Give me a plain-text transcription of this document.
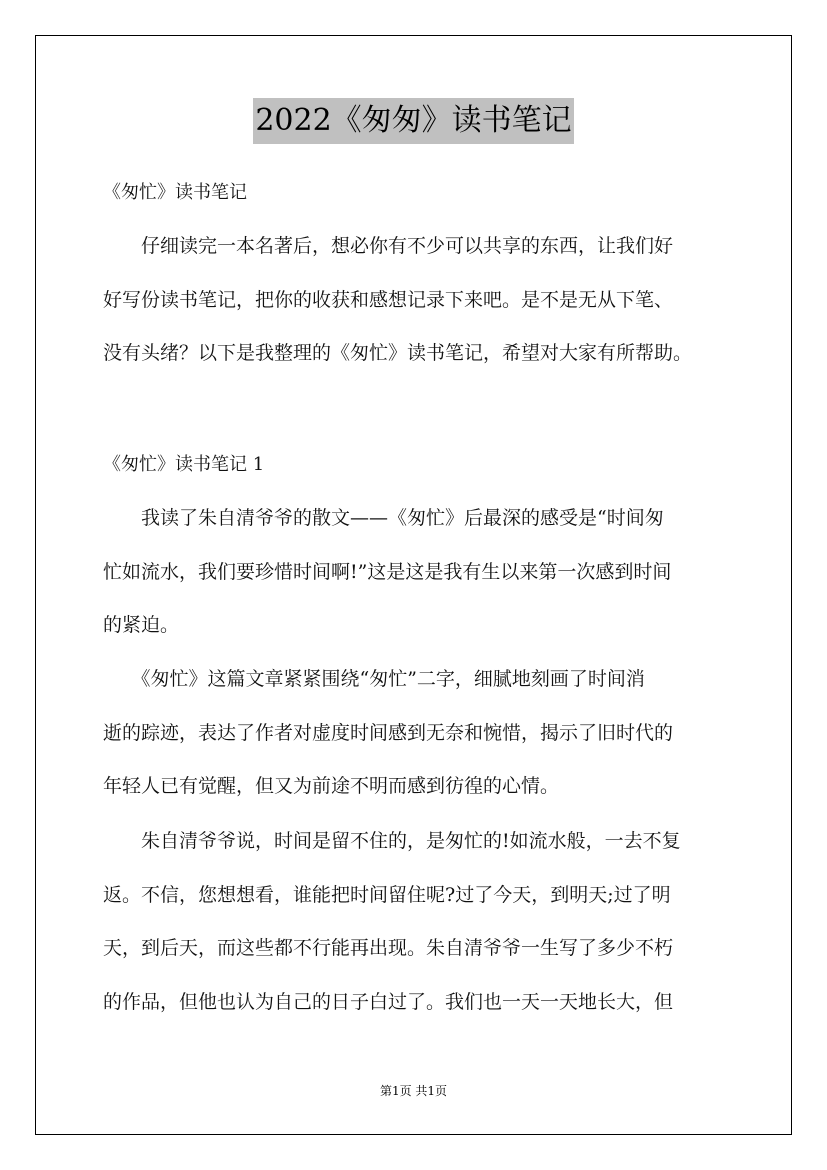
2022《匆匆》读书笔记
《匆忙》读书笔记
　　仔细读完一本名著后，想必你有不少可以共享的东西，让我们好
好写份读书笔记，把你的收获和感想记录下来吧。是不是无从下笔、
没有头绪？以下是我整理的《匆忙》读书笔记，希望对大家有所帮助。
《匆忙》读书笔记 1
　　我读了朱自清爷爷的散文——《匆忙》后最深的感受是“时间匆
忙如流水，我们要珍惜时间啊!”这是这是我有生以来第一次感到时间
的紧迫。
　　《匆忙》这篇文章紧紧围绕“匆忙”二字，细腻地刻画了时间消
逝的踪迹，表达了作者对虚度时间感到无奈和惋惜，揭示了旧时代的
年轻人已有觉醒，但又为前途不明而感到彷徨的心情。
　　朱自清爷爷说，时间是留不住的，是匆忙的!如流水般，一去不复
返。不信，您想想看，谁能把时间留住呢?过了今天，到明天;过了明
天，到后天，而这些都不行能再出现。朱自清爷爷一生写了多少不朽
的作品，但他也认为自己的日子白过了。我们也一天一天地长大，但
第1页 共1页
